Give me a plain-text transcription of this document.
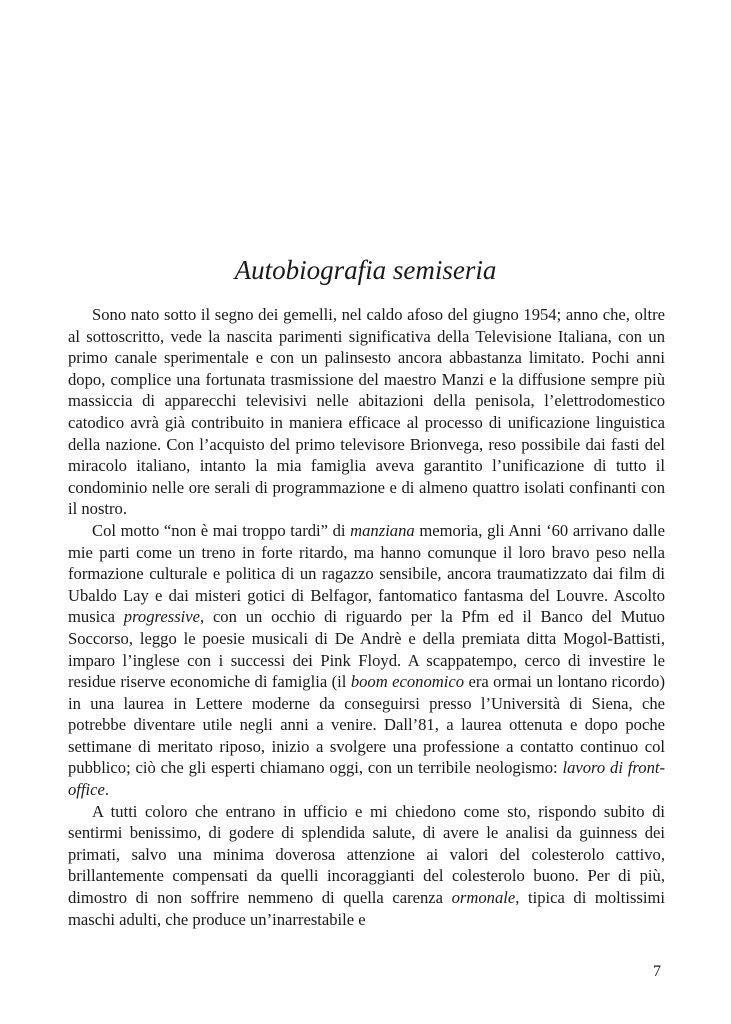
Autobiografia semiseria

Sono nato sotto il segno dei gemelli, nel caldo afoso del giugno 1954; anno che, oltre al sottoscritto, vede la nascita parimenti significativa della Televisione Italiana, con un primo canale sperimentale e con un palinsesto ancora abbastanza limitato. Pochi anni dopo, complice una fortunata trasmissione del maestro Manzi e la diffusione sempre più massiccia di apparecchi televisivi nelle abitazioni della penisola, l’elettrodomestico catodico avrà già contribuito in maniera efficace al processo di unificazione linguistica della nazione. Con l’acquisto del primo televisore Brionvega, reso possibile dai fasti del miracolo italiano, intanto la mia famiglia aveva garantito l’unificazione di tutto il condominio nelle ore serali di programmazione e di almeno quattro isolati confinanti con il nostro.

Col motto “non è mai troppo tardi” di manziana memoria, gli Anni ‘60 arrivano dalle mie parti come un treno in forte ritardo, ma hanno comunque il loro bravo peso nella formazione culturale e politica di un ragazzo sensibile, ancora traumatizzato dai film di Ubaldo Lay e dai misteri gotici di Belfagor, fantomatico fantasma del Louvre. Ascolto musica progressive, con un occhio di riguardo per la Pfm ed il Banco del Mutuo Soccorso, leggo le poesie musicali di De Andrè e della premiata ditta Mogol-Battisti, imparo l’inglese con i successi dei Pink Floyd. A scappatempo, cerco di investire le residue riserve economiche di famiglia (il boom economico era ormai un lontano ricordo) in una laurea in Lettere moderne da conseguirsi presso l’Università di Siena, che potrebbe diventare utile negli anni a venire. Dall’81, a laurea ottenuta e dopo poche settimane di meritato riposo, inizio a svolgere una professione a contatto continuo col pubblico; ciò che gli esperti chiamano oggi, con un terribile neologismo: lavoro di front-office.

A tutti coloro che entrano in ufficio e mi chiedono come sto, rispondo subito di sentirmi benissimo, di godere di splendida salute, di avere le analisi da guinness dei primati, salvo una minima doverosa attenzione ai valori del colesterolo cattivo, brillantemente compensati da quelli incoraggianti del colesterolo buono. Per di più, dimostro di non soffrire nemmeno di quella carenza ormonale, tipica di moltissimi maschi adulti, che produce un’inarrestabile e

7
